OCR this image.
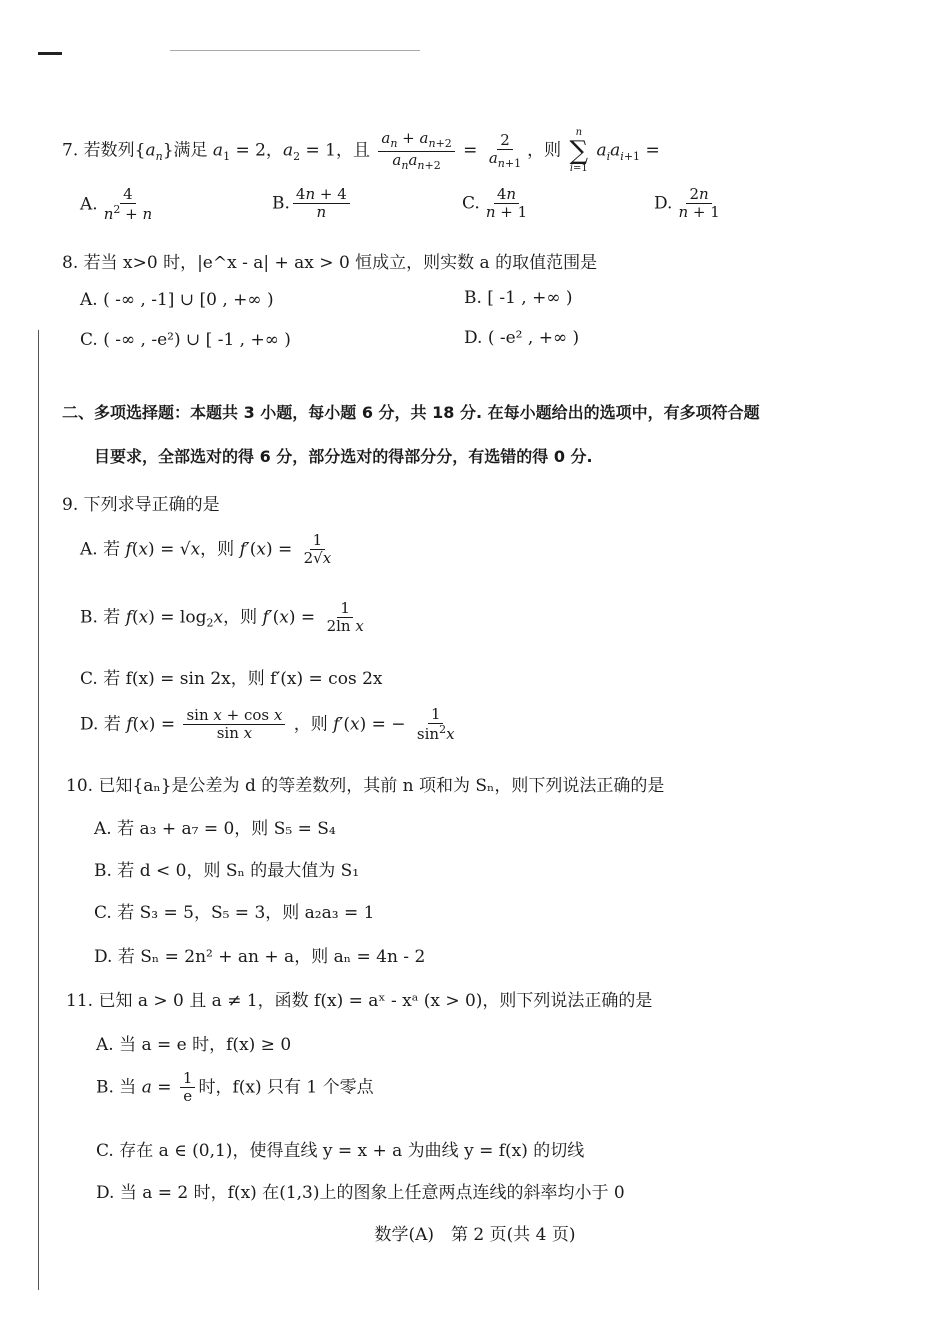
7. 若数列$\{a_n\}$满足 $a_1 = 2$，$a_2 = 1$，且 $\frac{a_n + a_{n+2}}{a_na_{n+2}} = \frac{2}{a_{n+1}}$ ，则
n
∑
i=1
$a_ia_{i+1}$ =
A. $\frac{4}{n^2 + n}$	B. $\frac{4n + 4}{n}$	C. $\frac{4n}{n + 1}$	D. $\frac{2n}{n + 1}$
8. 若当 x>0 时，|e^x - a| + ax > 0 恒成立，则实数 a 的取值范围是
A. ( -∞ , -1] ∪ [0 , +∞ )	B. [ -1 , +∞ )
C. ( -∞ , -e²) ∪ [ -1 , +∞ )	D. ( -e² , +∞ )
二、多项选择题：本题共 3 小题，每小题 6 分，共 18 分. 在每小题给出的选项中，有多项符合题
目要求，全部选对的得 6 分，部分选对的得部分分，有选错的得 0 分.
9. 下列求导正确的是
A. 若 f(x) = √x，则 $f'(x) = \frac{1}{2√x}$
B. 若 $f(x) = \log_2x$，则 $f'(x) = \frac{1}{\text{2ln x}}$
C. 若 f(x) = sin 2x，则 f′(x) = cos 2x
D. 若 $f(x) = \frac{\text{sin x + cos x}}{\text{sin x}}$ ，则 f′(x) = − $\frac{1}{\sin^2x}$
10. 已知{aₙ}是公差为 d 的等差数列，其前 n 项和为 Sₙ，则下列说法正确的是
A. 若 a₃ + a₇ = 0，则 S₅ = S₄
B. 若 d < 0，则 Sₙ 的最大值为 S₁
C. 若 S₃ = 5，S₅ = 3，则 a₂a₃ = 1
D. 若 Sₙ = 2n² + an + a，则 aₙ = 4n - 2
11. 已知 a > 0 且 a ≠ 1，函数 f(x) = aˣ - xᵃ (x > 0)，则下列说法正确的是
A. 当 a = e 时，f(x) ≥ 0
B. 当 $a = \frac{1}{e}$ 时，f(x) 只有 1 个零点
C. 存在 a ∈ (0,1)，使得直线 y = x + a 为曲线 y = f(x) 的切线
D. 当 a = 2 时，f(x) 在(1,3)上的图象上任意两点连线的斜率均小于 0
数学(A)　第 2 页(共 4 页)
